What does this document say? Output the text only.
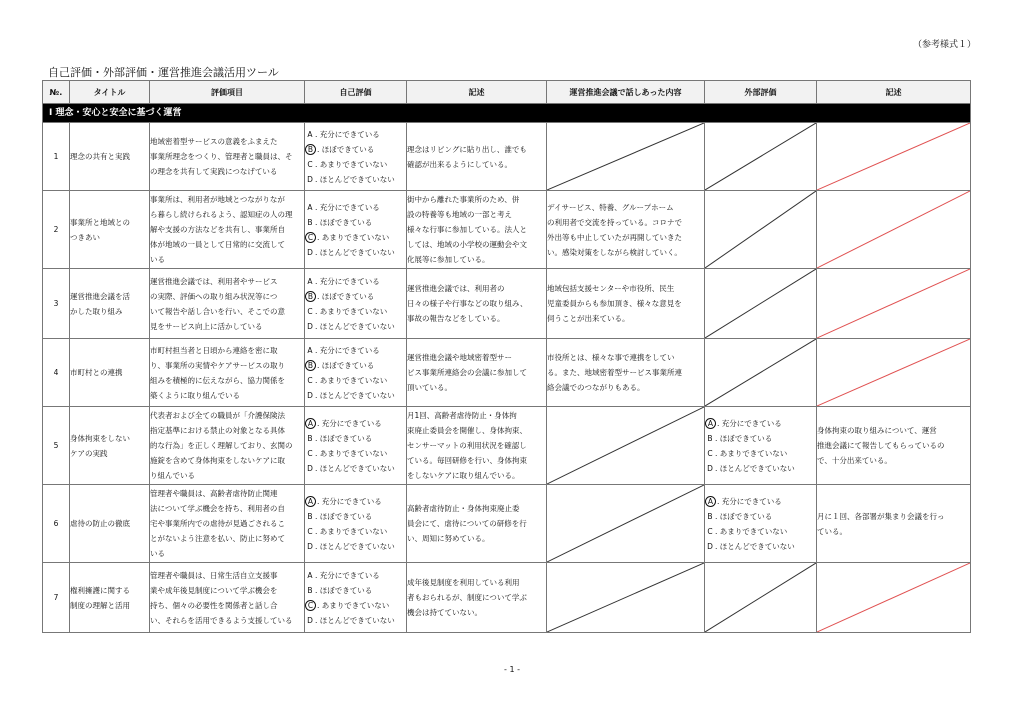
（参考様式１）
自己評価・外部評価・運営推進会議活用ツール
№.	タイトル	評価項目	自己評価	記述	運営推進会議で話しあった内容	外部評価	記述
Ⅰ 理念・安心と安全に基づく運営							
1	理念の共有と実践	地域密着型サービスの意義をふまえた
事業所理念をつくり、管理者と職員は、そ
の理念を共有して実践につなげている	A . 充分にできている
B . ほぼできている
C . あまりできていない
D . ほとんどできていない	理念はリビングに貼り出し、誰でも
確認が出来るようにしている。	

2	事業所と地域との
つきあい	事業所は、利用者が地域とつながりなが
ら暮らし続けられるよう、認知症の人の理
解や支援の方法などを共有し、事業所自
体が地域の一員として日常的に交流して
いる	A . 充分にできている
B . ほぼできている
C . あまりできていない
D . ほとんどできていない	街中から離れた事業所のため、併
設の特養等も地域の一部と考え
様々な行事に参加している。法人と
しては、地域の小学校の運動会や文
化展等に参加している。	デイサービス、特養、グループホーム
の利用者で交流を持っている。コロナで
外出等も中止していたが再開していきた
い。感染対策をしながら検討していく。	

3	運営推進会議を活
かした取り組み	運営推進会議では、利用者やサービス
の実際、評価への取り組み状況等につ
いて報告や話し合いを行い、そこでの意
見をサービス向上に活かしている	A . 充分にできている
B . ほぼできている
C . あまりできていない
D . ほとんどできていない	運営推進会議では、利用者の
日々の様子や行事などの取り組み、
事故の報告などをしている。	地域包括支援センターや市役所、民生
児童委員からも参加頂き、様々な意見を
伺うことが出来ている。	

4	市町村との連携	市町村担当者と日頃から連絡を密に取
り、事業所の実情やケアサービスの取り
組みを積極的に伝えながら、協力関係を
築くように取り組んでいる	A . 充分にできている
B . ほぼできている
C . あまりできていない
D . ほとんどできていない	運営推進会議や地域密着型サー
ビス事業所連絡会の会議に参加して
頂いている。	市役所とは、様々な事で連携をしてい
る。また、地域密着型サービス事業所連
絡会議でのつながりもある。	

5	身体拘束をしない
ケアの実践	代表者および全ての職員が「介護保険法
指定基準における禁止の対象となる具体
的な行為」を正しく理解しており、玄関の
施錠を含めて身体拘束をしないケアに取
り組んでいる	A . 充分にできている
B . ほぼできている
C . あまりできていない
D . ほとんどできていない	月1回、高齢者虐待防止・身体拘
束廃止委員会を開催し、身体拘束、
センサーマットの利用状況を確認し
ている。毎回研修を行い、身体拘束
をしないケアに取り組んでいる。		A . 充分にできている
B . ほぼできている
C . あまりできていない
D . ほとんどできていない	身体拘束の取り組みについて、運営
推進会議にて報告してもらっているの
で、十分出来ている。
6	虐待の防止の徹底	管理者や職員は、高齢者虐待防止関連
法について学ぶ機会を持ち、利用者の自
宅や事業所内での虐待が見過ごされるこ
とがないよう注意を払い、防止に努めて
いる	A . 充分にできている
B . ほぼできている
C . あまりできていない
D . ほとんどできていない	高齢者虐待防止・身体拘束廃止委
員会にて、虐待についての研修を行
い、周知に努めている。		A . 充分にできている
B . ほぼできている
C . あまりできていない
D . ほとんどできていない	月に１回、各部署が集まり会議を行っ
ている。
7	権利擁護に関する
制度の理解と活用	管理者や職員は、日常生活自立支援事
業や成年後見制度について学ぶ機会を
持ち、個々の必要性を関係者と話し合
い、それらを活用できるよう支援している	A . 充分にできている
B . ほぼできている
C . あまりできていない
D . ほとんどできていない	成年後見制度を利用している利用
者もおられるが、制度について学ぶ
機会は持てていない。	

- 1 -
